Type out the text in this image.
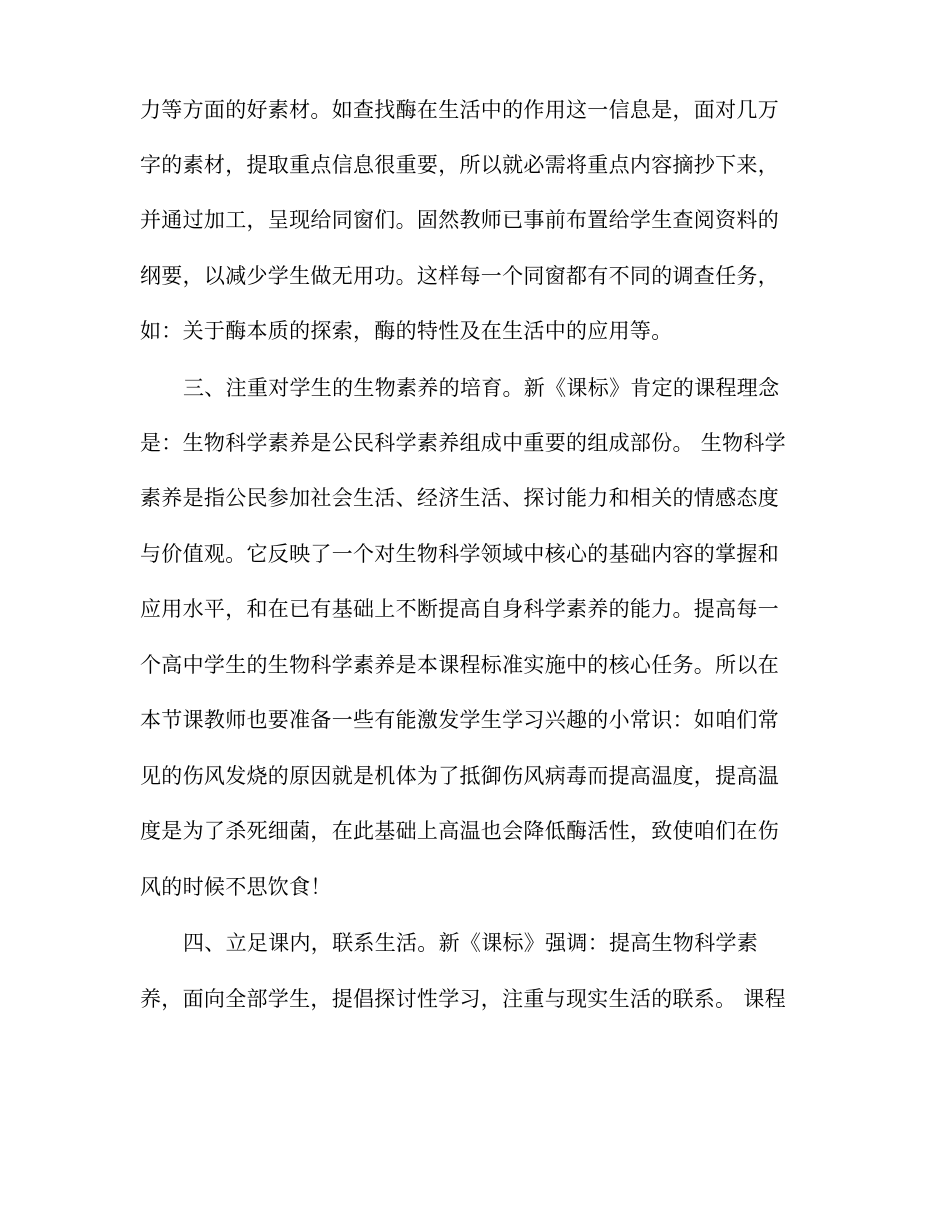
力等方面的好素材。如查找酶在生活中的作用这一信息是，面对几万
字的素材，提取重点信息很重要，所以就必需将重点内容摘抄下来，
并通过加工，呈现给同窗们。固然教师已事前布置给学生查阅资料的
纲要，以减少学生做无用功。这样每一个同窗都有不同的调查任务，
如：关于酶本质的探索，酶的特性及在生活中的应用等。
三、注重对学生的生物素养的培育。新《课标》肯定的课程理念
是：生物科学素养是公民科学素养组成中重要的组成部份。 生物科学
素养是指公民参加社会生活、经济生活、探讨能力和相关的情感态度
与价值观。它反映了一个对生物科学领域中核心的基础内容的掌握和
应用水平，和在已有基础上不断提高自身科学素养的能力。提高每一
个高中学生的生物科学素养是本课程标准实施中的核心任务。所以在
本节课教师也要准备一些有能激发学生学习兴趣的小常识：如咱们常
见的伤风发烧的原因就是机体为了抵御伤风病毒而提高温度，提高温
度是为了杀死细菌，在此基础上高温也会降低酶活性，致使咱们在伤
风的时候不思饮食！
四、立足课内，联系生活。新《课标》强调：提高生物科学素
养，面向全部学生，提倡探讨性学习，注重与现实生活的联系。 课程
